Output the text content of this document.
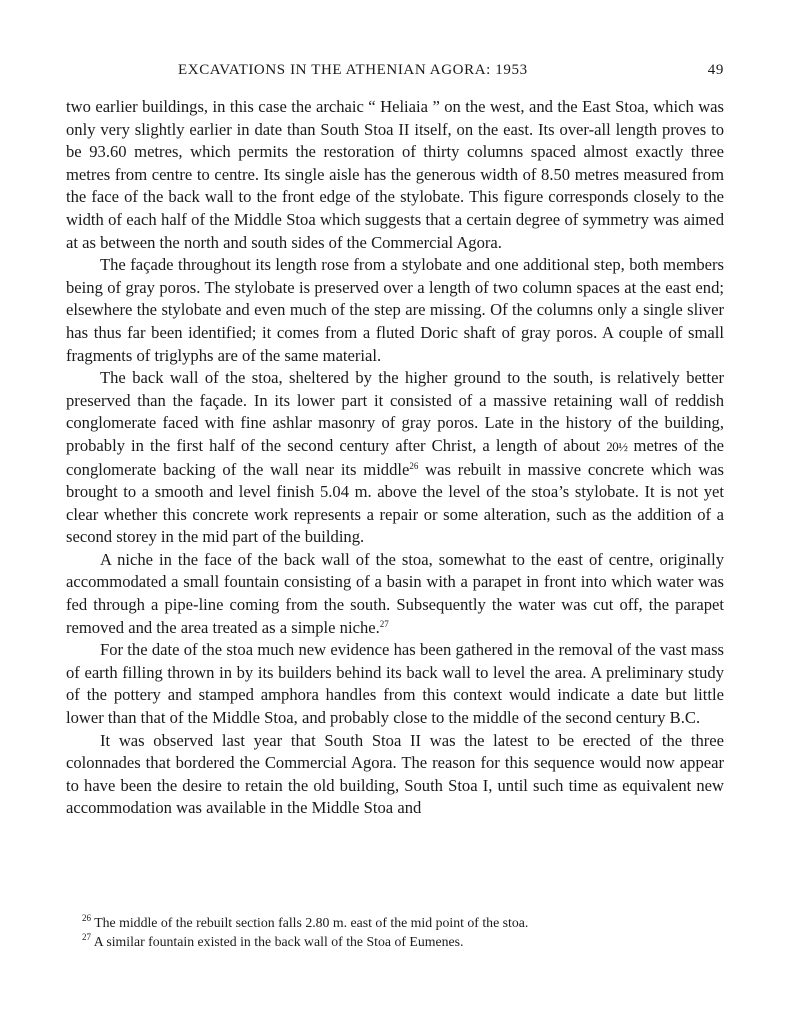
EXCAVATIONS IN THE ATHENIAN AGORA: 1953	49

two earlier buildings, in this case the archaic “ Heliaia ” on the west, and the East Stoa, which was only very slightly earlier in date than South Stoa II itself, on the east. Its over-all length proves to be 93.60 metres, which permits the restoration of thirty columns spaced almost exactly three metres from centre to centre. Its single aisle has the generous width of 8.50 metres measured from the face of the back wall to the front edge of the stylobate. This figure corresponds closely to the width of each half of the Middle Stoa which suggests that a certain degree of symmetry was aimed at as between the north and south sides of the Commercial Agora.

The façade throughout its length rose from a stylobate and one additional step, both members being of gray poros. The stylobate is preserved over a length of two column spaces at the east end; elsewhere the stylobate and even much of the step are missing. Of the columns only a single sliver has thus far been identified; it comes from a fluted Doric shaft of gray poros. A couple of small fragments of triglyphs are of the same material.

The back wall of the stoa, sheltered by the higher ground to the south, is relatively better preserved than the façade. In its lower part it consisted of a massive retaining wall of reddish conglomerate faced with fine ashlar masonry of gray poros. Late in the history of the building, probably in the first half of the second century after Christ, a length of about 20½ metres of the conglomerate backing of the wall near its middle$^{26}$ was rebuilt in massive concrete which was brought to a smooth and level finish 5.04 m. above the level of the stoa’s stylobate. It is not yet clear whether this concrete work represents a repair or some alteration, such as the addition of a second storey in the mid part of the building.

A niche in the face of the back wall of the stoa, somewhat to the east of centre, originally accommodated a small fountain consisting of a basin with a parapet in front into which water was fed through a pipe-line coming from the south. Subsequently the water was cut off, the parapet removed and the area treated as a simple niche.$^{27}$

For the date of the stoa much new evidence has been gathered in the removal of the vast mass of earth filling thrown in by its builders behind its back wall to level the area. A preliminary study of the pottery and stamped amphora handles from this context would indicate a date but little lower than that of the Middle Stoa, and probably close to the middle of the second century B.C.

It was observed last year that South Stoa II was the latest to be erected of the three colonnades that bordered the Commercial Agora. The reason for this sequence would now appear to have been the desire to retain the old building, South Stoa I, until such time as equivalent new accommodation was available in the Middle Stoa and

$^{26}$ The middle of the rebuilt section falls 2.80 m. east of the mid point of the stoa.

$^{27}$ A similar fountain existed in the back wall of the Stoa of Eumenes.
